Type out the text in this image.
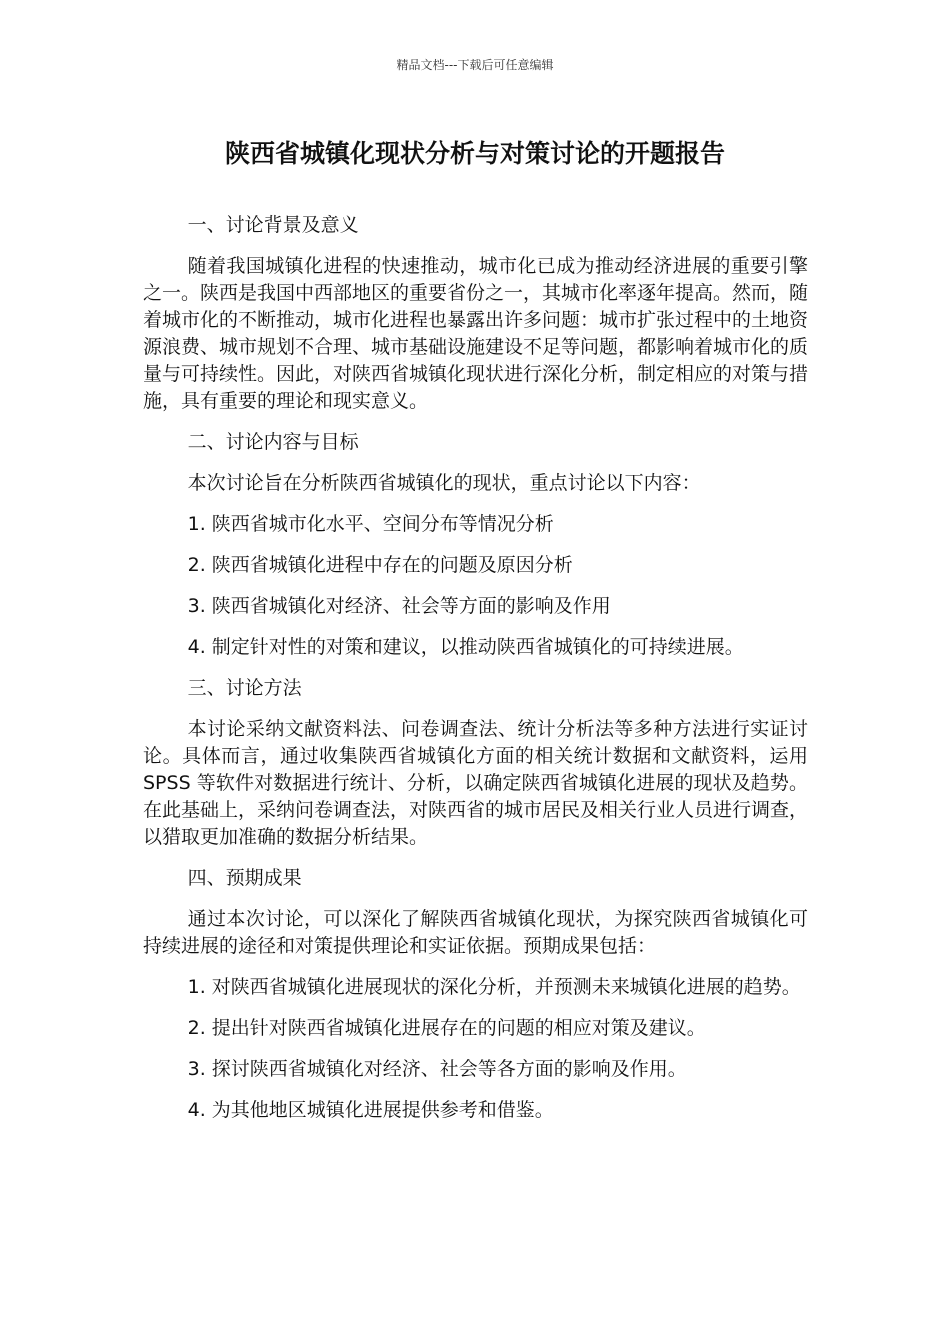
精品文档---下载后可任意编辑
陕西省城镇化现状分析与对策讨论的开题报告

一、讨论背景及意义

随着我国城镇化进程的快速推动，城市化已成为推动经济进展的重要引擎之一。陕西是我国中西部地区的重要省份之一，其城市化率逐年提高。然而，随着城市化的不断推动，城市化进程也暴露出许多问题：城市扩张过程中的土地资源浪费、城市规划不合理、城市基础设施建设不足等问题，都影响着城市化的质量与可持续性。因此，对陕西省城镇化现状进行深化分析，制定相应的对策与措施，具有重要的理论和现实意义。

二、讨论内容与目标

本次讨论旨在分析陕西省城镇化的现状，重点讨论以下内容：

1. 陕西省城市化水平、空间分布等情况分析

2. 陕西省城镇化进程中存在的问题及原因分析

3. 陕西省城镇化对经济、社会等方面的影响及作用

4. 制定针对性的对策和建议，以推动陕西省城镇化的可持续进展。

三、讨论方法

本讨论采纳文献资料法、问卷调查法、统计分析法等多种方法进行实证讨论。具体而言，通过收集陕西省城镇化方面的相关统计数据和文献资料，运用 SPSS 等软件对数据进行统计、分析，以确定陕西省城镇化进展的现状及趋势。在此基础上，采纳问卷调查法，对陕西省的城市居民及相关行业人员进行调查，以猎取更加准确的数据分析结果。

四、预期成果

通过本次讨论，可以深化了解陕西省城镇化现状，为探究陕西省城镇化可持续进展的途径和对策提供理论和实证依据。预期成果包括：

1. 对陕西省城镇化进展现状的深化分析，并预测未来城镇化进展的趋势。

2. 提出针对陕西省城镇化进展存在的问题的相应对策及建议。

3. 探讨陕西省城镇化对经济、社会等各方面的影响及作用。

4. 为其他地区城镇化进展提供参考和借鉴。
